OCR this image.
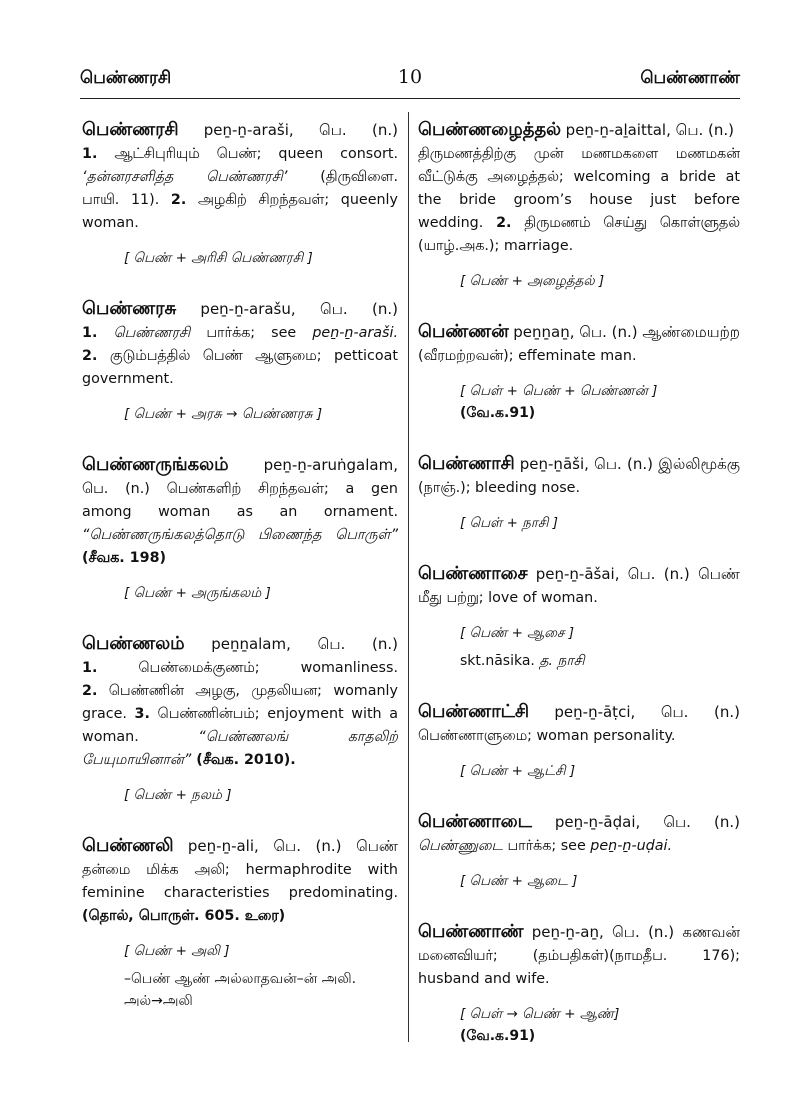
பெண்ணரசி	10	பெண்ணாண்
பெண்ணரசி peṉ-ṉ-araši, பெ. (n.)
1. ஆட்சிபுரியும் பெண்; queen consort.
‘தன்னரசளித்த பெண்ணரசி’ (திருவிளை.
பாயி. 11). 2. அழகிற் சிறந்தவள்; queenly
woman.
[ பெண் + அரிசி பெண்ணரசி ]
பெண்ணரசு peṉ-ṉ-arašu, பெ. (n.)
1. பெண்ணரசி பார்க்க; see peṉ-ṉ-araši.
2. குடும்பத்தில் பெண் ஆளுமை; petticoat
government.
[ பெண் + அரசு → பெண்ணரசு ]
பெண்ணருங்கலம் peṉ-ṉ-aruṅgalam,
பெ. (n.) பெண்களிற் சிறந்தவள்; a gen
among woman as an ornament.
“பெண்ணருங்கலத்தொடு பிணைந்த பொருள்”
(சீவக. 198)
[ பெண் + அருங்கலம் ]
பெண்ணலம் peṉṉalam, பெ. (n.)
1. பெண்மைக்குணம்; womanliness.
2. பெண்ணின் அழகு, முதலியன; womanly
grace. 3. பெண்ணின்பம்; enjoyment with a
woman. “பெண்ணலங் காதலிற்
பேயுமாயினான்” (சீவக. 2010).
[ பெண் + நலம் ]
பெண்ணலி peṉ-ṉ-ali, பெ. (n.) பெண்
தன்மை மிக்க அலி; hermaphrodite with
feminine characteristies predominating.
(தொல், பொருள். 605. உரை)
[ பெண் + அலி ]
–பெண் ஆண் அல்லாதவன்–ன் அலி.
அல்→அலி
பெண்ணழைத்தல் peṉ-ṉ-aḻaittal, பெ. (n.)
திருமணத்திற்கு முன் மணமகளை மணமகன்
வீட்டுக்கு அழைத்தல்; welcoming a bride at
the bride groom’s house just before
wedding. 2. திருமணம் செய்து கொள்ளுதல்
(யாழ்.அக.); marriage.
[ பெண் + அழைத்தல் ]
பெண்ணன் peṉṉaṉ, பெ. (n.) ஆண்மையற்ற
(வீரமற்றவன்); effeminate man.
[ பெள் + பெண் + பெண்ணன் ]
(வே.க.91)
பெண்ணாசி peṉ-ṉāši, பெ. (n.) இல்லிமூக்கு
(நாஞ்.); bleeding nose.
[ பெள் + நாசி ]
பெண்ணாசை peṉ-ṉ-āšai, பெ. (n.) பெண்
மீது பற்று; love of woman.
[ பெண் + ஆசை ]
skt.nāsika. த. நாசி
பெண்ணாட்சி peṉ-ṉ-āṭci, பெ. (n.)
பெண்ணாளுமை; woman personality.
[ பெண் + ஆட்சி ]
பெண்ணாடை peṉ-ṉ-āḍai, பெ. (n.)
பெண்ணுடை பார்க்க; see peṉ-ṉ-uḍai.
[ பெண் + ஆடை ]
பெண்ணாண் peṉ-ṉ-aṉ, பெ. (n.) கணவன்
மனைவியர்; (தம்பதிகள்)(நாமதீப. 176);
husband and wife.
[ பெள் → பெண் + ஆண்]
(வே.க.91)
